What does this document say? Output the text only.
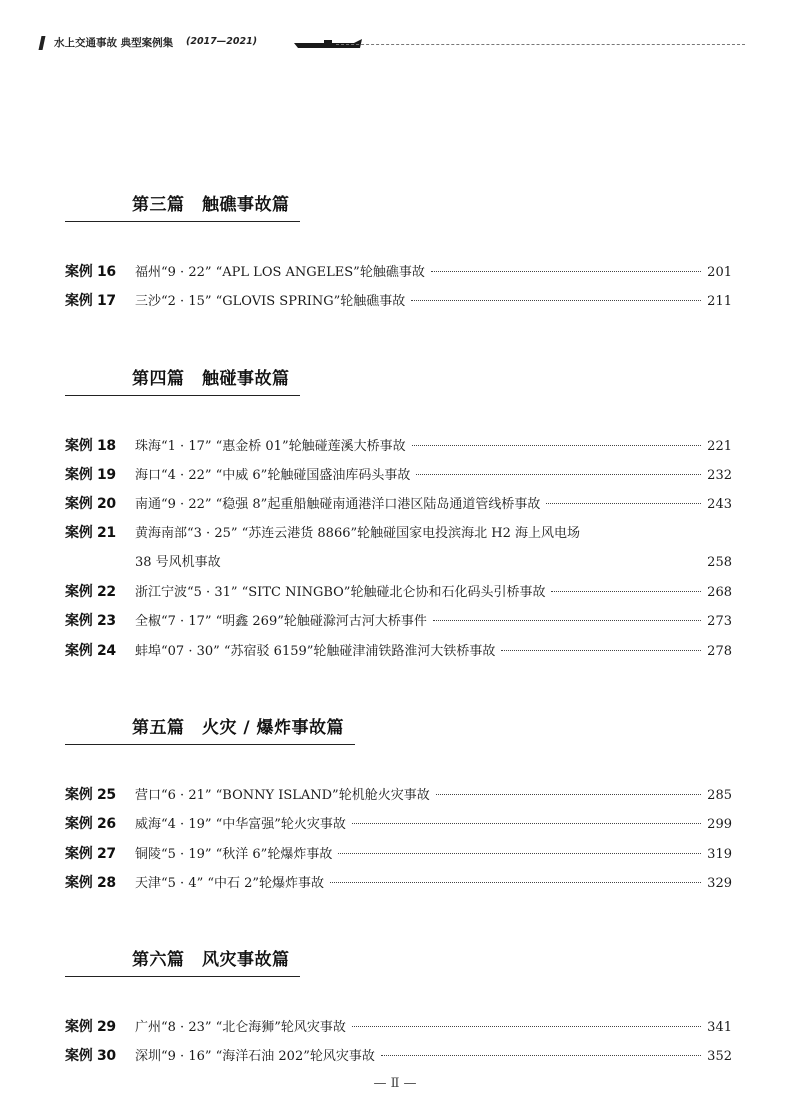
水上交通事故 典型案例集 (2017—2021)
第三篇　触礁事故篇
案例 16 福州“9 · 22” “APL LOS ANGELES”轮触礁事故	201
案例 17 三沙“2 · 15” “GLOVIS SPRING”轮触礁事故	211
第四篇　触碰事故篇
案例 18 珠海“1 · 17” “惠金桥 01”轮触碰莲溪大桥事故	221
案例 19 海口“4 · 22” “中威 6”轮触碰国盛油库码头事故	232
案例 20 南通“9 · 22” “稳强 8”起重船触碰南通港洋口港区陆岛通道管线桥事故	243
案例 21 黄海南部“3 · 25” “苏连云港货 8866”轮触碰国家电投滨海北 H2 海上风电场
38 号风机事故	258
案例 22 浙江宁波“5 · 31” “SITC NINGBO”轮触碰北仑协和石化码头引桥事故	268
案例 23 全椒“7 · 17” “明鑫 269”轮触碰滁河古河大桥事件	273
案例 24 蚌埠“07 · 30” “苏宿驳 6159”轮触碰津浦铁路淮河大铁桥事故	278
第五篇　火灾 / 爆炸事故篇
案例 25 营口“6 · 21” “BONNY ISLAND”轮机舱火灾事故	285
案例 26 威海“4 · 19” “中华富强”轮火灾事故	299
案例 27 铜陵“5 · 19” “秋洋 6”轮爆炸事故	319
案例 28 天津“5 · 4” “中石 2”轮爆炸事故	329
第六篇　风灾事故篇
案例 29 广州“8 · 23” “北仑海狮”轮风灾事故	341
案例 30 深圳“9 · 16” “海洋石油 202”轮风灾事故	352
— Ⅱ —
